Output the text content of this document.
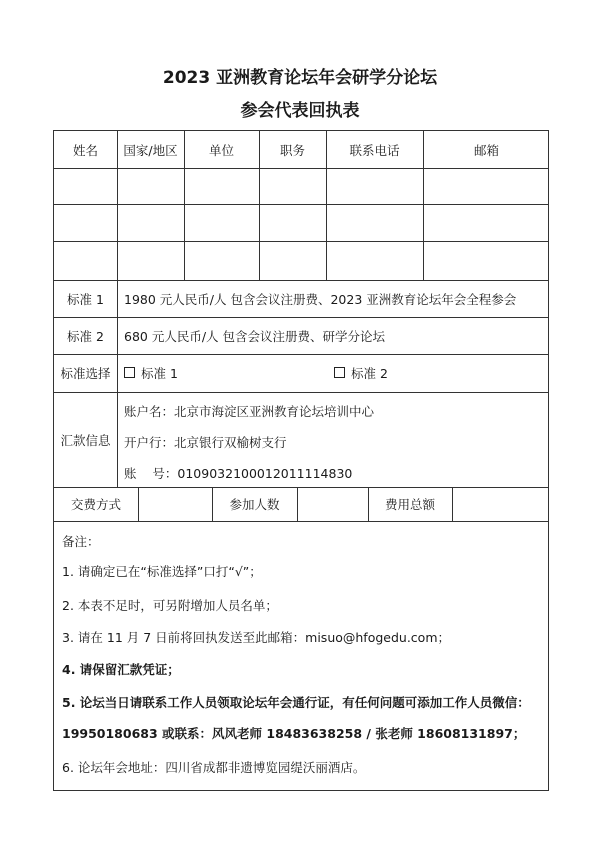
2023 亚洲教育论坛年会研学分论坛
参会代表回执表
姓名	国家/地区	单位	职务	联系电话	邮箱
标准 1	1980 元人民币/人 包含会议注册费、2023 亚洲教育论坛年会全程参会
标准 2	680 元人民币/人 包含会议注册费、研学分论坛
标准选择	标准 1	标准 2
汇款信息
账户名：北京市海淀区亚洲教育论坛培训中心
开户行：北京银行双榆树支行
账    号：0109032100012011114830
交费方式	参加人数	费用总额
备注：
1. 请确定已在“标准选择”口打“√”；
2. 本表不足时，可另附增加人员名单；
3. 请在 11 月 7 日前将回执发送至此邮箱：misuo@hfogedu.com；
4. 请保留汇款凭证；
5. 论坛当日请联系工作人员领取论坛年会通行证，有任何问题可添加工作人员微信：
19950180683 或联系：风风老师 18483638258 / 张老师 18608131897；
6. 论坛年会地址：四川省成都非遗博览园缇沃丽酒店。
